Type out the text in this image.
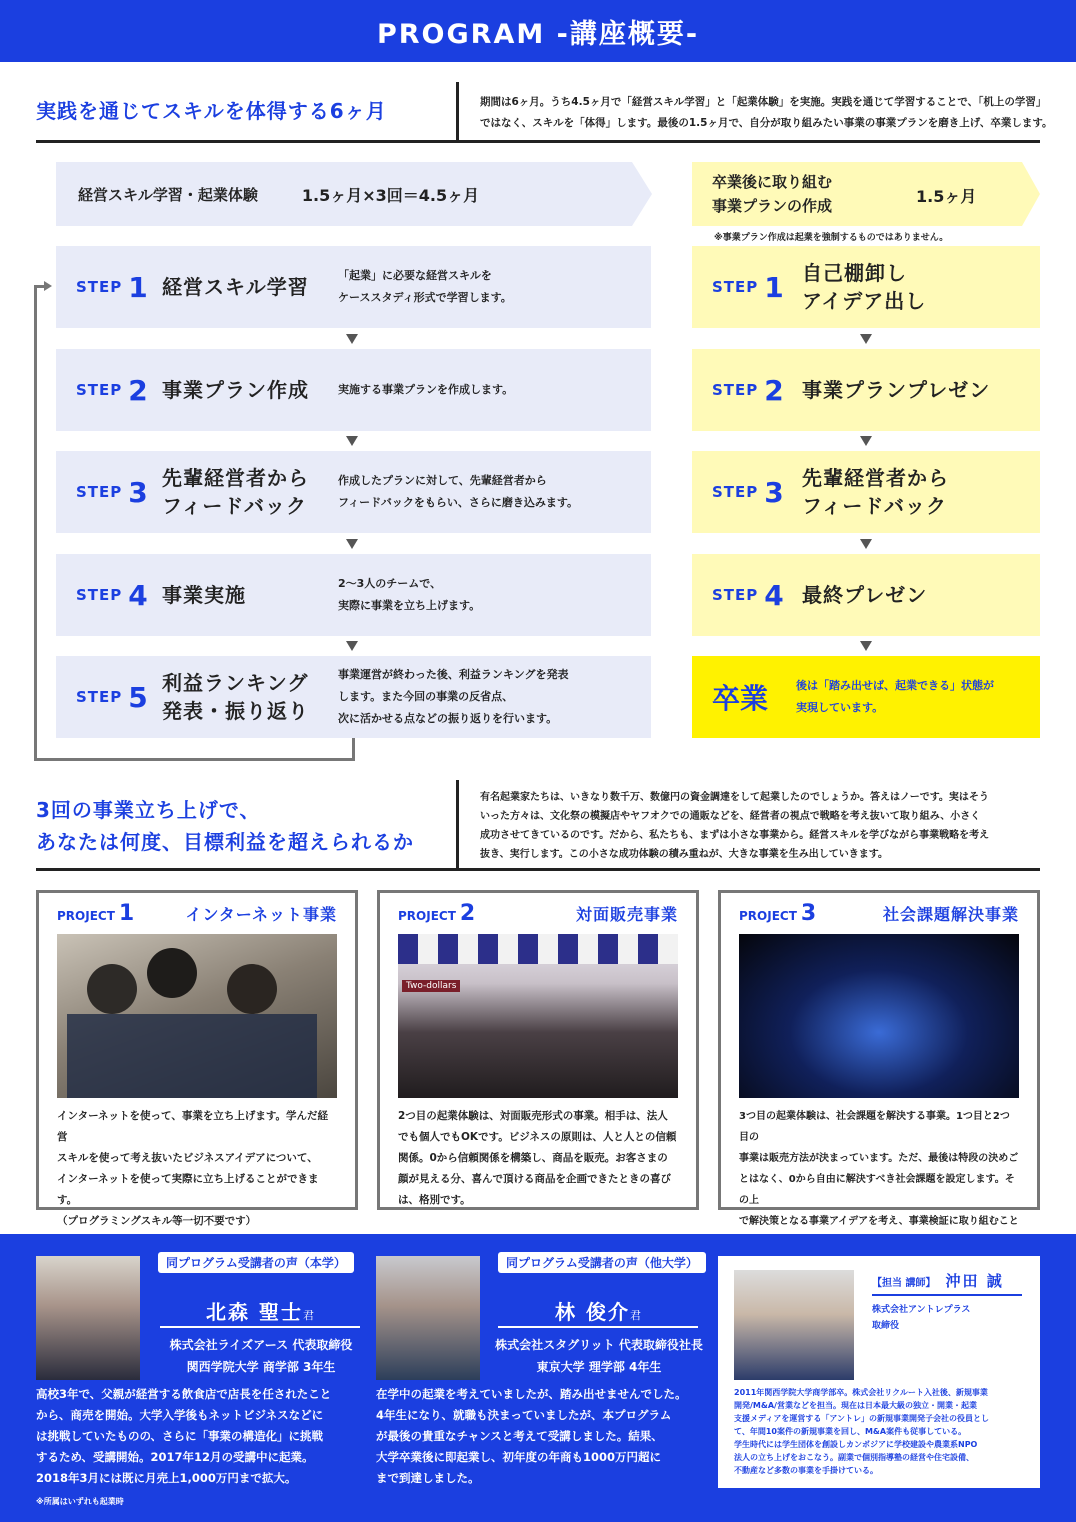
PROGRAM -講座概要-
実践を通じてスキルを体得する6ヶ月	期間は6ヶ月。うち4.5ヶ月で「経営スキル学習」と「起業体験」を実施。実践を通じて学習することで、「机上の学習」
ではなく、スキルを「体得」します。最後の1.5ヶ月で、自分が取り組みたい事業の事業プランを磨き上げ、卒業します。
経営スキル学習・起業体験	1.5ヶ月×3回＝4.5ヶ月
卒業後に取り組む
事業プランの作成	1.5ヶ月
※事業プラン作成は起業を強制するものではありません。
STEP 1 経営スキル学習	「起業」に必要な経営スキルを
ケーススタディ形式で学習します。
STEP 2 事業プラン作成	実施する事業プランを作成します。
STEP 3 先輩経営者から
フィードバック
作成したプランに対して、先輩経営者から
フィードバックをもらい、さらに磨き込みます。
STEP 4 事業実施	2〜3人のチームで、
実際に事業を立ち上げます。
STEP 5 利益ランキング
発表・振り返り
事業運営が終わった後、利益ランキングを発表
します。また今回の事業の反省点、
次に活かせる点などの振り返りを行います。
STEP 1 自己棚卸し
アイデア出し
STEP 2 事業プランプレゼン
STEP 3 先輩経営者から
フィードバック
STEP 4 最終プレゼン
卒業	後は「踏み出せば、起業できる」状態が
実現しています。
3回の事業立ち上げで、
あなたは何度、目標利益を超えられるか
有名起業家たちは、いきなり数千万、数億円の資金調達をして起業したのでしょうか。答えはノーです。実はそう
いった方々は、文化祭の模擬店やヤフオクでの通販などを、経営者の視点で戦略を考え抜いて取り組み、小さく
成功させてきているのです。だから、私たちも、まずは小さな事業から。経営スキルを学びながら事業戦略を考え
抜き、実行します。この小さな成功体験の積み重ねが、大きな事業を生み出していきます。
PROJECT 1	インターネット事業
インターネットを使って、事業を立ち上げます。学んだ経営
スキルを使って考え抜いたビジネスアイデアについて、
インターネットを使って実際に立ち上げることができます。
（プログラミングスキル等一切不要です）
PROJECT 2	対面販売事業
Two-dollars
2つ目の起業体験は、対面販売形式の事業。相手は、法人
でも個人でもOKです。ビジネスの原則は、人と人との信頼
関係。0から信頼関係を構築し、商品を販売。お客さまの
顔が見える分、喜んで頂ける商品を企画できたときの喜び
は、格別です。
PROJECT 3	社会課題解決事業
3つ目の起業体験は、社会課題を解決する事業。1つ目と2つ目の
事業は販売方法が決まっています。ただ、最後は特段の決めご
とはなく、0から自由に解決すべき社会課題を設定します。その上
で解決策となる事業アイデアを考え、事業検証に取り組むこと
同プログラム受講者の声（本学）
北森 聖士君
株式会社ライズアース 代表取締役
関西学院大学 商学部 3年生
高校3年で、父親が経営する飲食店で店長を任されたこと
から、商売を開始。大学入学後もネットビジネスなどに
は挑戦していたものの、さらに「事業の構造化」に挑戦
するため、受講開始。2017年12月の受講中に起業。
2018年3月には既に月売上1,000万円まで拡大。
※所属はいずれも起業時
同プログラム受講者の声（他大学）
林 俊介君
株式会社スタグリット 代表取締役社長
東京大学 理学部 4年生
在学中の起業を考えていましたが、踏み出せませんでした。
4年生になり、就職も決まっていましたが、本プログラム
が最後の貴重なチャンスと考えて受講しました。結果、
大学卒業後に即起業し、初年度の年商も1000万円超に
まで到達しました。
【担当 講師】 沖田 誠
株式会社アントレプラス
取締役
2011年関西学院大学商学部卒。株式会社リクルート入社後、新規事業
開発/M&A/営業などを担当。現在は日本最大級の独立・開業・起業
支援メディアを運営する「アントレ」の新規事業開発子会社の役員とし
て、年間10案件の新規事業を回し、M&A案件も従事している。
学生時代には学生団体を創設しカンボジアに学校建設や農業系NPO
法人の立ち上げをおこなう。副業で個別指導塾の経営や住宅設備、
不動産など多数の事業を手掛けている。
